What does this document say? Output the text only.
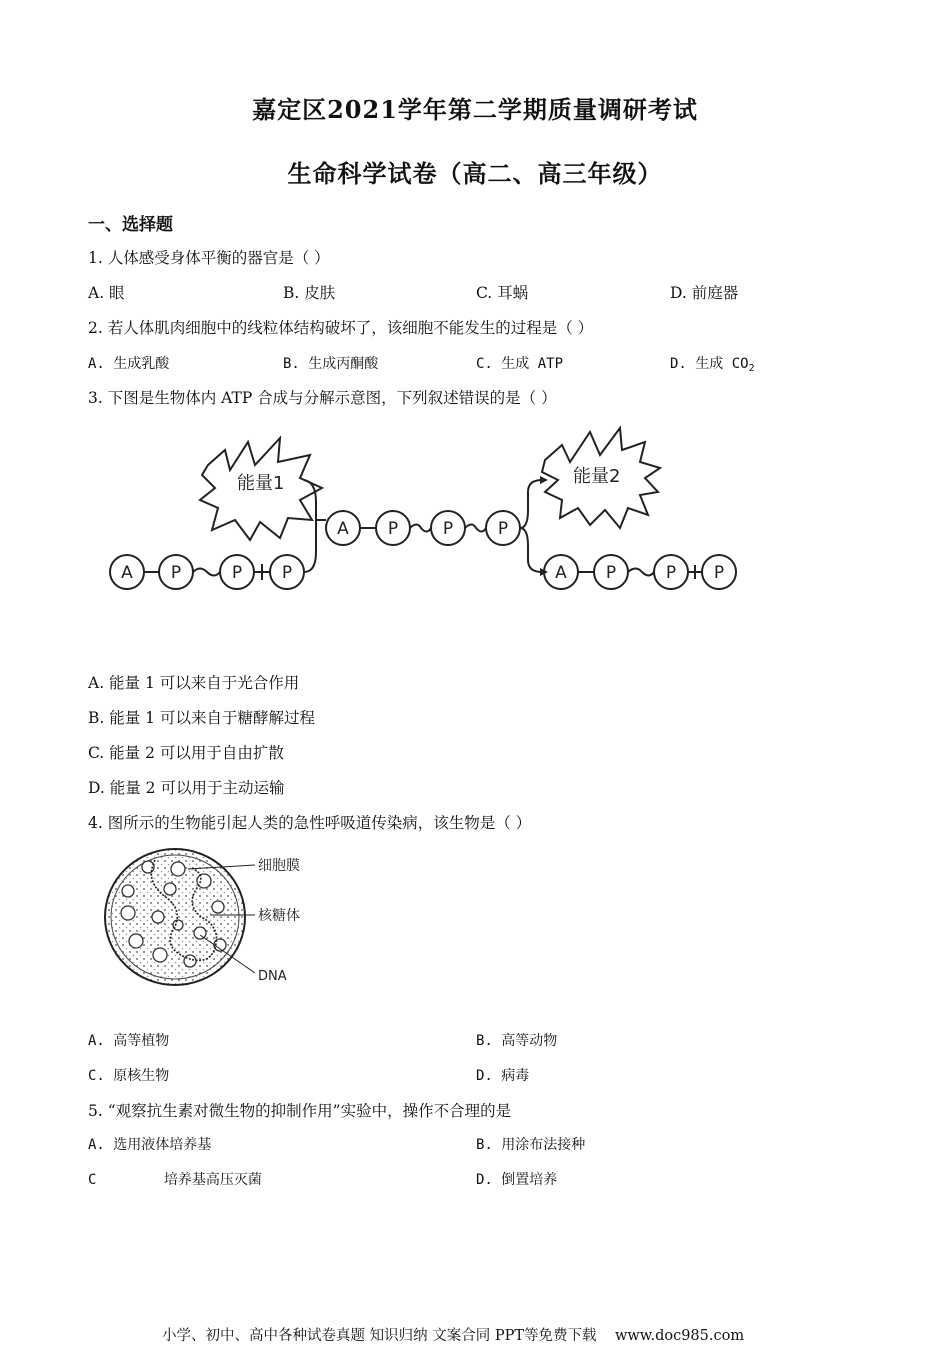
嘉定区2021学年第二学期质量调研考试
生命科学试卷（高二、高三年级）
一、选择题
1. 人体感受身体平衡的器官是（ ）
A. 眼	B. 皮肤	C. 耳蜗	D. 前庭器
2. 若人体肌肉细胞中的线粒体结构破坏了，该细胞不能发生的过程是（ ）
A. 生成乳酸	B. 生成丙酮酸	C. 生成 ATP	D. 生成 $CO_2$
3. 下图是生物体内 ATP 合成与分解示意图，下列叙述错误的是（ ）
能量1	能量2
A P	P P
A P	P	P
A P	P P
A. 能量 1 可以来自于光合作用
B. 能量 1 可以来自于糖酵解过程
C. 能量 2 可以用于自由扩散
D. 能量 2 可以用于主动运输
4. 图所示的生物能引起人类的急性呼吸道传染病，该生物是（ ）
细胞膜
核糖体
DNA
A. 高等植物	B. 高等动物
C. 原核生物	D. 病毒
5. “观察抗生素对微生物的抑制作用”实验中，操作不合理的是
A. 选用液体培养基	B. 用涂布法接种
C        培养基高压灭菌	D. 倒置培养
小学、初中、高中各种试卷真题 知识归纳 文案合同 PPT等免费下载    www.doc985.com
